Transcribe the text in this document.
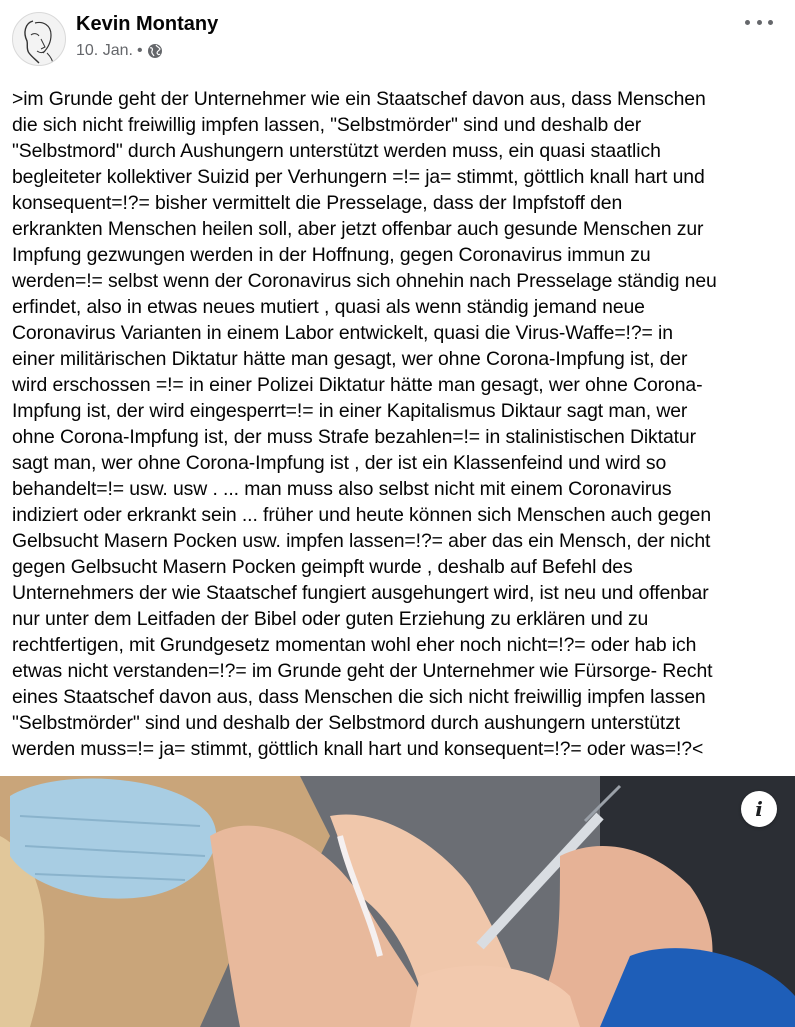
Kevin Montany
10. Jan. •
>im Grunde geht der Unternehmer wie ein Staatschef davon aus, dass Menschen
die sich nicht freiwillig impfen lassen, "Selbstmörder" sind und deshalb der
"Selbstmord" durch Aushungern unterstützt werden muss, ein quasi staatlich
begleiteter kollektiver Suizid per Verhungern =!= ja= stimmt, göttlich knall hart und
konsequent=!?= bisher vermittelt die Presselage, dass der Impfstoff den
erkrankten Menschen heilen soll, aber jetzt offenbar auch gesunde Menschen zur
Impfung gezwungen werden in der Hoffnung, gegen Coronavirus immun zu
werden=!= selbst wenn der Coronavirus sich ohnehin nach Presselage ständig neu
erfindet, also in etwas neues mutiert , quasi als wenn ständig jemand neue
Coronavirus Varianten in einem Labor entwickelt, quasi die Virus-Waffe=!?= in
einer militärischen Diktatur hätte man gesagt, wer ohne Corona-Impfung ist, der
wird erschossen =!= in einer Polizei Diktatur hätte man gesagt, wer ohne Corona-
Impfung ist, der wird eingesperrt=!= in einer Kapitalismus Diktaur sagt man, wer
ohne Corona-Impfung ist, der muss Strafe bezahlen=!= in stalinistischen Diktatur
sagt man, wer ohne Corona-Impfung ist , der ist ein Klassenfeind und wird so
behandelt=!= usw. usw . ... man muss also selbst nicht mit einem Coronavirus
indiziert oder erkrankt sein ... früher und heute können sich Menschen auch gegen
Gelbsucht Masern Pocken usw. impfen lassen=!?= aber das ein Mensch, der nicht
gegen Gelbsucht Masern Pocken geimpft wurde , deshalb auf Befehl des
Unternehmers der wie Staatschef fungiert ausgehungert wird, ist neu und offenbar
nur unter dem Leitfaden der Bibel oder guten Erziehung zu erklären und zu
rechtfertigen, mit Grundgesetz momentan wohl eher noch nicht=!?= oder hab ich
etwas nicht verstanden=!?= im Grunde geht der Unternehmer wie Fürsorge- Recht
eines Staatschef davon aus, dass Menschen die sich nicht freiwillig impfen lassen
"Selbstmörder" sind und deshalb der Selbstmord durch aushungern unterstützt
werden muss=!= ja= stimmt, göttlich knall hart und konsequent=!?= oder was=!?<
i
